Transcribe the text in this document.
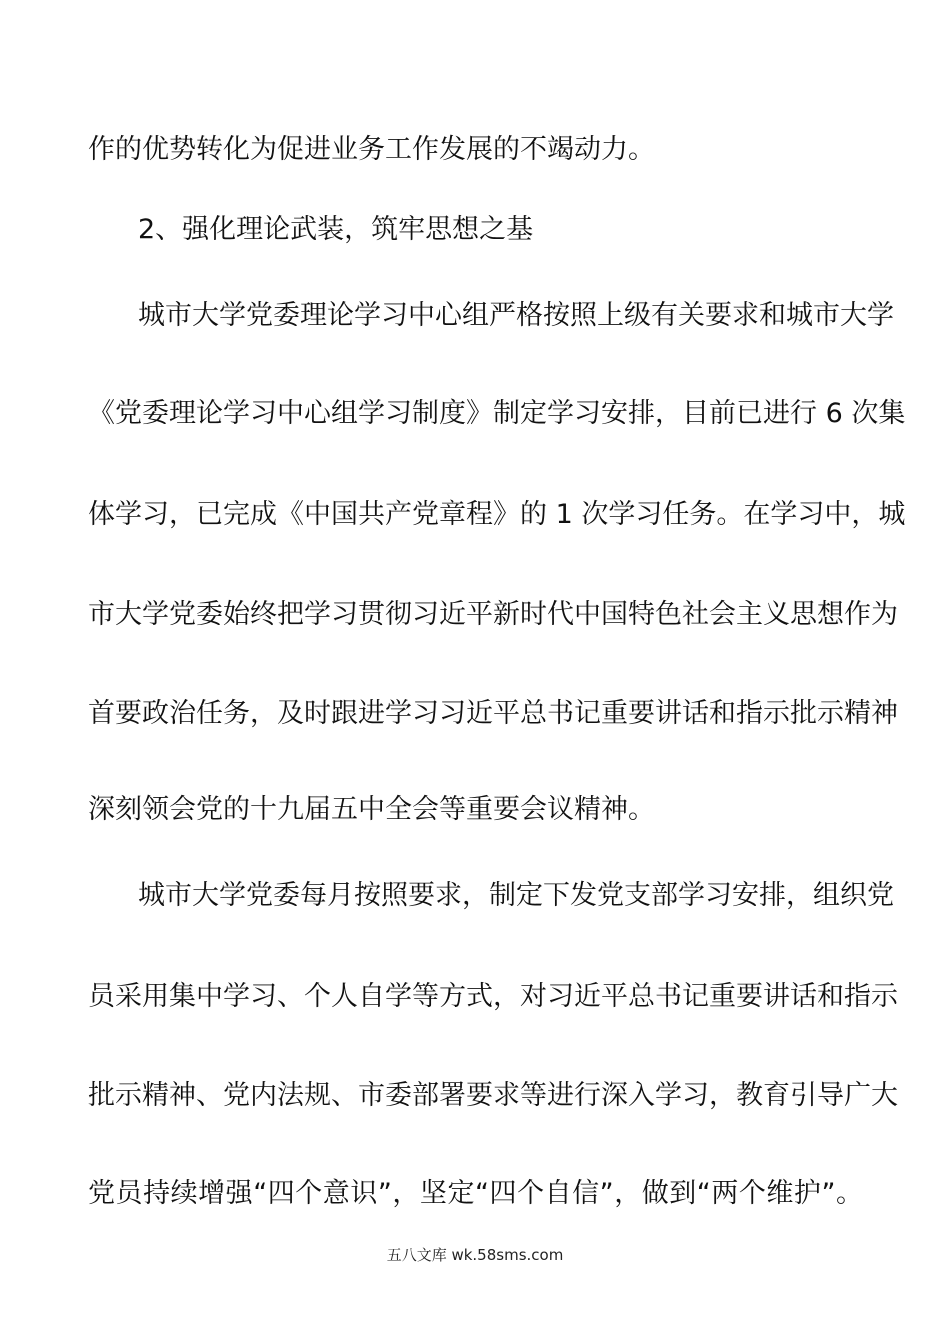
作的优势转化为促进业务工作发展的不竭动力。
2、强化理论武装，筑牢思想之基
城市大学党委理论学习中心组严格按照上级有关要求和城市大学
《党委理论学习中心组学习制度》制定学习安排，目前已进行 6 次集
体学习，已完成《中国共产党章程》的 1 次学习任务。在学习中，城
市大学党委始终把学习贯彻习近平新时代中国特色社会主义思想作为
首要政治任务，及时跟进学习习近平总书记重要讲话和指示批示精神
深刻领会党的十九届五中全会等重要会议精神。
城市大学党委每月按照要求，制定下发党支部学习安排，组织党
员采用集中学习、个人自学等方式，对习近平总书记重要讲话和指示
批示精神、党内法规、市委部署要求等进行深入学习，教育引导广大
党员持续增强“四个意识”，坚定“四个自信”，做到“两个维护”。
五八文库 wk.58sms.com
